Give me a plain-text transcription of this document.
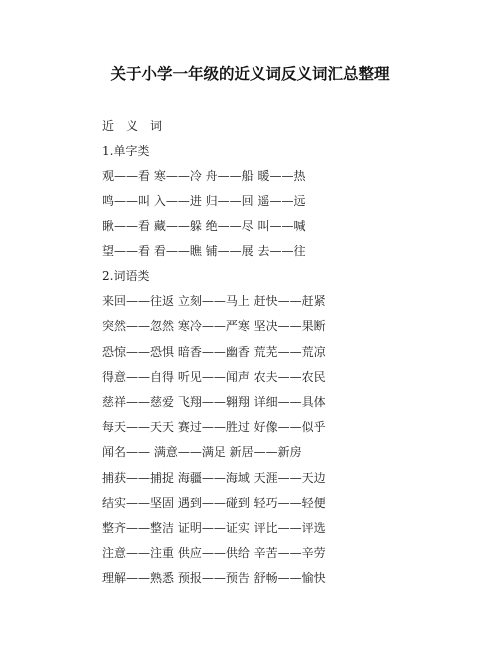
关于小学一年级的近义词反义词汇总整理
近　义　词
1.单字类
观——看 寒——冷 舟——船 暖——热
鸣——叫 入——进 归——回 遥——远
瞅——看 藏——躲 绝——尽 叫——喊
望——看 看——瞧 铺——展 去——往
2.词语类
来回——往返 立刻——马上 赶快——赶紧
突然——忽然 寒冷——严寒 坚决——果断
恐惊——恐惧 暗香——幽香 荒芜——荒凉
得意——自得 听见——闻声 农夫——农民
慈祥——慈爱 飞翔——翱翔 详细——具体
每天——天天 赛过——胜过 好像——似乎
闻名—— 满意——满足 新居——新房
捕获——捕捉 海疆——海域 天涯——天边
结实——坚固 遇到——碰到 轻巧——轻便
整齐——整洁 证明——证实 评比——评选
注意——注重 供应——供给 辛苦——辛劳
理解——熟悉 预报——预告 舒畅——愉快
